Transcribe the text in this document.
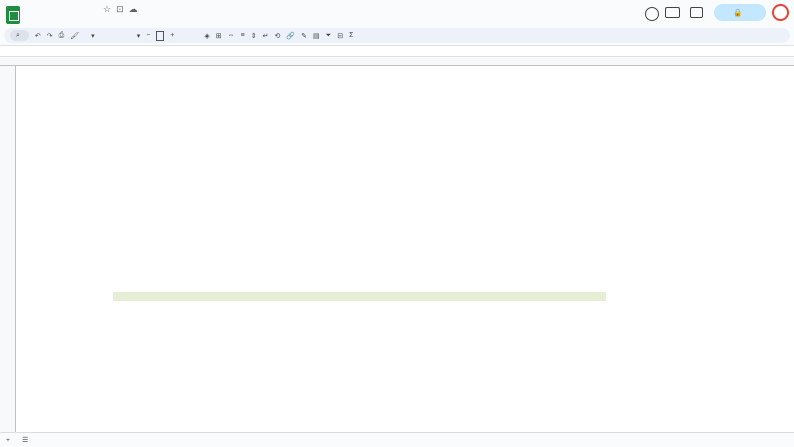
☆⊡☁	🔒
⌕ ↶ ↷ ⎙ 🖌 ▾	▾ −	+	◈ ⊞ ⇔ ≡ ⇕ ↵ ⟲ 🔗 ✎ ▤ ⏷ ⊟ Σ
+	☰
